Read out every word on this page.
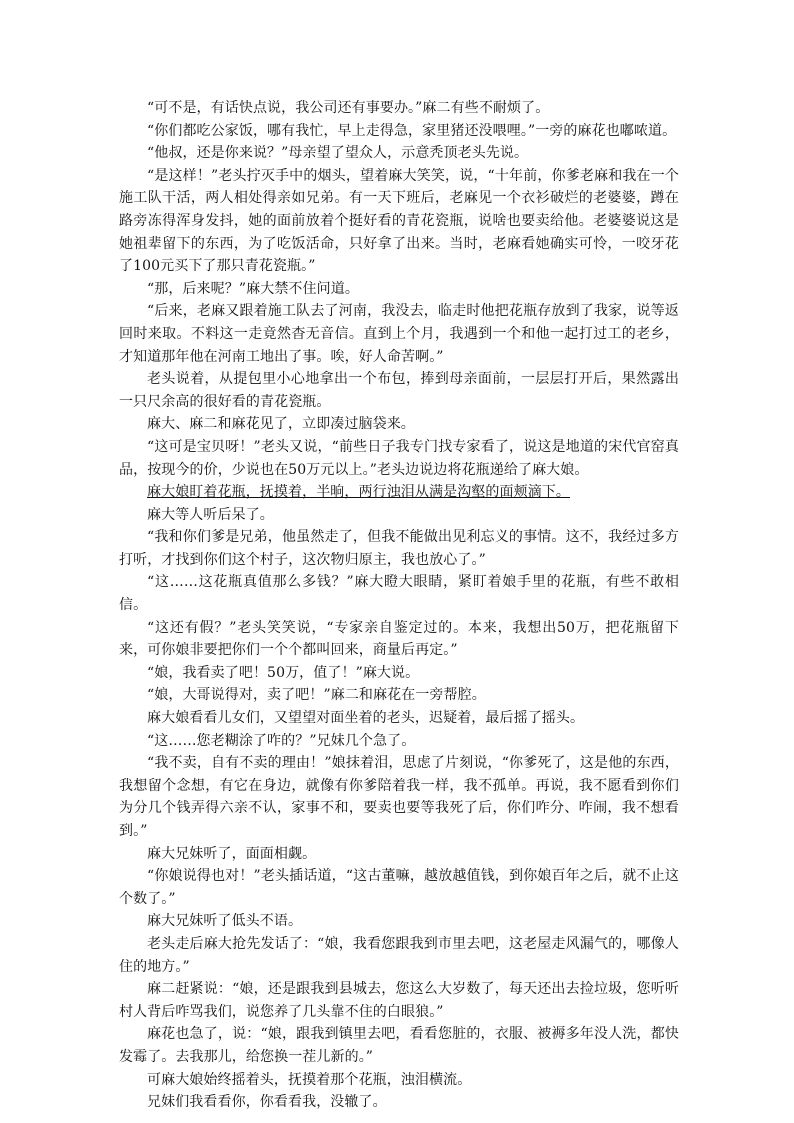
“可不是，有话快点说，我公司还有事要办。”麻二有些不耐烦了。

“你们都吃公家饭，哪有我忙，早上走得急，家里猪还没喂哩。”一旁的麻花也嘟哝道。

“他叔，还是你来说？”母亲望了望众人，示意秃顶老头先说。

“是这样！”老头拧灭手中的烟头，望着麻大笑笑，说，“十年前，你爹老麻和我在一个施工队干活，两人相处得亲如兄弟。有一天下班后，老麻见一个衣衫破烂的老婆婆，蹲在路旁冻得浑身发抖，她的面前放着个挺好看的青花瓷瓶，说啥也要卖给他。老婆婆说这是她祖辈留下的东西，为了吃饭活命，只好拿了出来。当时，老麻看她确实可怜，一咬牙花了100元买下了那只青花瓷瓶。”

“那，后来呢？”麻大禁不住问道。

“后来，老麻又跟着施工队去了河南，我没去，临走时他把花瓶存放到了我家，说等返回时来取。不料这一走竟然杳无音信。直到上个月，我遇到一个和他一起打过工的老乡，才知道那年他在河南工地出了事。唉，好人命苦啊。”

老头说着，从提包里小心地拿出一个布包，捧到母亲面前，一层层打开后，果然露出一只尺余高的很好看的青花瓷瓶。

麻大、麻二和麻花见了，立即凑过脑袋来。

“这可是宝贝呀！”老头又说，“前些日子我专门找专家看了，说这是地道的宋代官窑真品，按现今的价，少说也在50万元以上。”老头边说边将花瓶递给了麻大娘。

麻大娘盯着花瓶，抚摸着，半晌，两行浊泪从满是沟壑的面颊滴下。

麻大等人听后呆了。

“我和你们爹是兄弟，他虽然走了，但我不能做出见利忘义的事情。这不，我经过多方打听，才找到你们这个村子，这次物归原主，我也放心了。”

“这……这花瓶真值那么多钱？”麻大瞪大眼睛，紧盯着娘手里的花瓶，有些不敢相信。

“这还有假？”老头笑笑说，“专家亲自鉴定过的。本来，我想出50万，把花瓶留下来，可你娘非要把你们一个个都叫回来，商量后再定。”

“娘，我看卖了吧！50万，值了！”麻大说。

“娘，大哥说得对，卖了吧！”麻二和麻花在一旁帮腔。

麻大娘看看儿女们，又望望对面坐着的老头，迟疑着，最后摇了摇头。

“这……您老糊涂了咋的？”兄妹几个急了。

“我不卖，自有不卖的理由！”娘抹着泪，思虑了片刻说，“你爹死了，这是他的东西，我想留个念想，有它在身边，就像有你爹陪着我一样，我不孤单。再说，我不愿看到你们为分几个钱弄得六亲不认，家事不和，要卖也要等我死了后，你们咋分、咋闹，我不想看到。”

麻大兄妹听了，面面相觑。

“你娘说得也对！”老头插话道，“这古董嘛，越放越值钱，到你娘百年之后，就不止这个数了。”

麻大兄妹听了低头不语。

老头走后麻大抢先发话了：“娘，我看您跟我到市里去吧，这老屋走风漏气的，哪像人住的地方。”

麻二赶紧说：“娘，还是跟我到县城去，您这么大岁数了，每天还出去捡垃圾，您听听村人背后咋骂我们，说您养了几头靠不住的白眼狼。”

麻花也急了，说：“娘，跟我到镇里去吧，看看您脏的，衣服、被褥多年没人洗，都快发霉了。去我那儿，给您换一茬儿新的。”

可麻大娘始终摇着头，抚摸着那个花瓶，浊泪横流。

兄妹们我看看你，你看看我，没辙了。
